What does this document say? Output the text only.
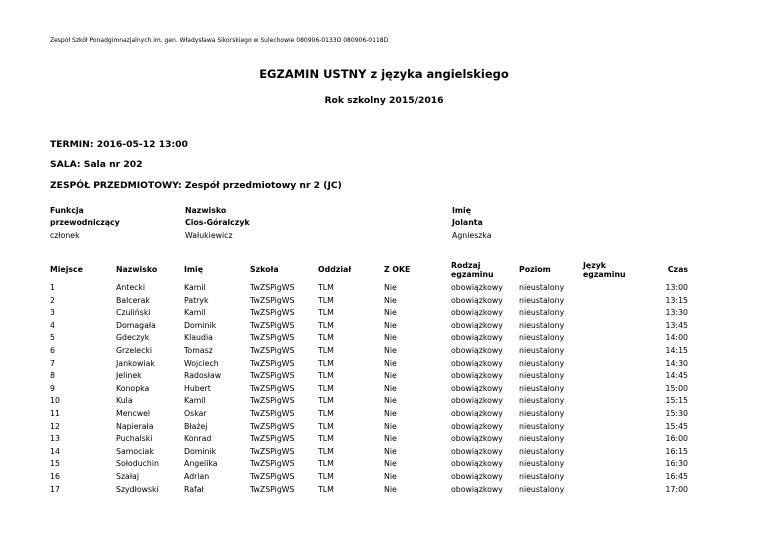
Zespół Szkół Ponadgimnazjalnych im. gen. Władysława Sikorskiego w Sulechowie 080906-0133O 080906-0118D
EGZAMIN USTNY z języka angielskiego
Rok szkolny 2015/2016
TERMIN: 2016-05-12 13:00
SALA: Sala nr 202
ZESPÓŁ PRZEDMIOTOWY: Zespół przedmiotowy nr 2 (JC)
Funkcja	Nazwisko	Imię
przewodniczący	Cios-Góralczyk	Jolanta
członek	Wałukiewicz	Agnieszka
Miejsce	Nazwisko	Imię	Szkoła	Oddział	Z OKE	Rodzaj egzaminu	Poziom	Język egzaminu	Czas
1	Antecki	Kamil	TwZSPigWS	TLM	Nie	obowiązkowy	nieustalony		13:00
2	Balcerak	Patryk	TwZSPigWS	TLM	Nie	obowiązkowy	nieustalony		13:15
3	Czuliński	Kamil	TwZSPigWS	TLM	Nie	obowiązkowy	nieustalony		13:30
4	Domagała	Dominik	TwZSPigWS	TLM	Nie	obowiązkowy	nieustalony		13:45
5	Gdeczyk	Klaudia	TwZSPigWS	TLM	Nie	obowiązkowy	nieustalony		14:00
6	Grzelecki	Tomasz	TwZSPigWS	TLM	Nie	obowiązkowy	nieustalony		14:15
7	Jankowiak	Wojciech	TwZSPigWS	TLM	Nie	obowiązkowy	nieustalony		14:30
8	Jelinek	Radosław	TwZSPigWS	TLM	Nie	obowiązkowy	nieustalony		14:45
9	Konopka	Hubert	TwZSPigWS	TLM	Nie	obowiązkowy	nieustalony		15:00
10	Kula	Kamil	TwZSPigWS	TLM	Nie	obowiązkowy	nieustalony		15:15
11	Mencwel	Oskar	TwZSPigWS	TLM	Nie	obowiązkowy	nieustalony		15:30
12	Napierała	Błażej	TwZSPigWS	TLM	Nie	obowiązkowy	nieustalony		15:45
13	Puchalski	Konrad	TwZSPigWS	TLM	Nie	obowiązkowy	nieustalony		16:00
14	Samociak	Dominik	TwZSPigWS	TLM	Nie	obowiązkowy	nieustalony		16:15
15	Sołoduchin	Angelika	TwZSPigWS	TLM	Nie	obowiązkowy	nieustalony		16:30
16	Szałaj	Adrian	TwZSPigWS	TLM	Nie	obowiązkowy	nieustalony		16:45
17	Szydłowski	Rafał	TwZSPigWS	TLM	Nie	obowiązkowy	nieustalony		17:00
